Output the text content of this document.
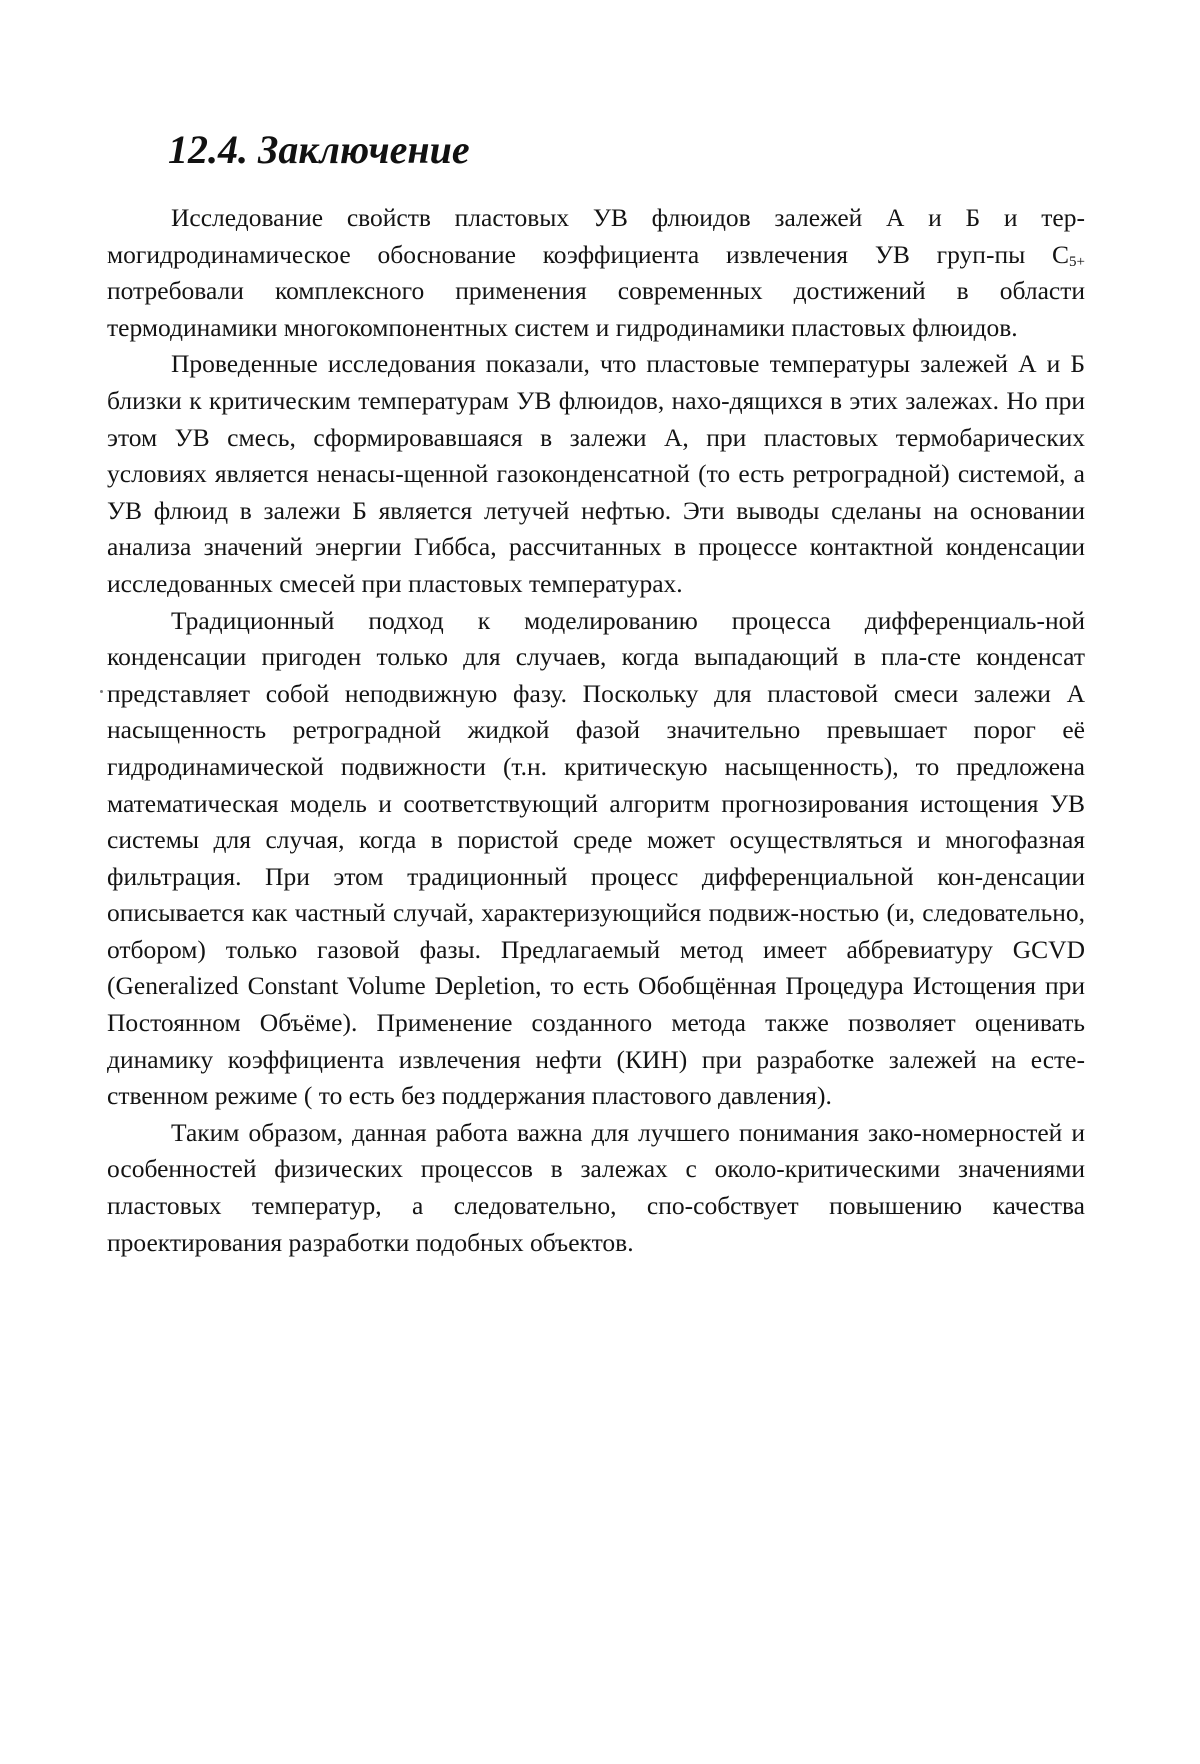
12.4. Заключение

Исследование свойств пластовых УВ флюидов залежей А и Б и тер-могидродинамическое обоснование коэффициента извлечения УВ груп-пы $С_{5+}$ потребовали комплексного применения современных достижений в области термодинамики многокомпонентных систем и гидродинамики пластовых флюидов.

Проведенные исследования показали, что пластовые температуры залежей А и Б близки к критическим температурам УВ флюидов, нахо-дящихся в этих залежах. Но при этом УВ смесь, сформировавшаяся в залежи А, при пластовых термобарических условиях является ненасы-щенной газоконденсатной (то есть ретроградной) системой, а УВ флюид в залежи Б является летучей нефтью. Эти выводы сделаны на основании анализа значений энергии Гиббса, рассчитанных в процессе контактной конденсации исследованных смесей при пластовых температурах.

Традиционный подход к моделированию процесса дифференциаль-ной конденсации пригоден только для случаев, когда выпадающий в пла-сте конденсат представляет собой неподвижную фазу. Поскольку для пластовой смеси залежи А насыщенность ретроградной жидкой фазой значительно превышает порог её гидродинамической подвижности (т.н. критическую насыщенность), то предложена математическая модель и соответствующий алгоритм прогнозирования истощения УВ системы для случая, когда в пористой среде может осуществляться и многофазная фильтрация. При этом традиционный процесс дифференциальной кон-денсации описывается как частный случай, характеризующийся подвиж-ностью (и, следовательно, отбором) только газовой фазы. Предлагаемый метод имеет аббревиатуру GCVD (Generalized Constant Volume Depletion, то есть Обобщённая Процедура Истощения при Постоянном Объёме). Применение созданного метода также позволяет оценивать динамику коэффициента извлечения нефти (КИН) при разработке залежей на есте-ственном режиме ( то есть без поддержания пластового давления).

Таким образом, данная работа важна для лучшего понимания зако-номерностей и особенностей физических процессов в залежах с около-критическими значениями пластовых температур, а следовательно, спо-собствует повышению качества проектирования разработки подобных объектов.
